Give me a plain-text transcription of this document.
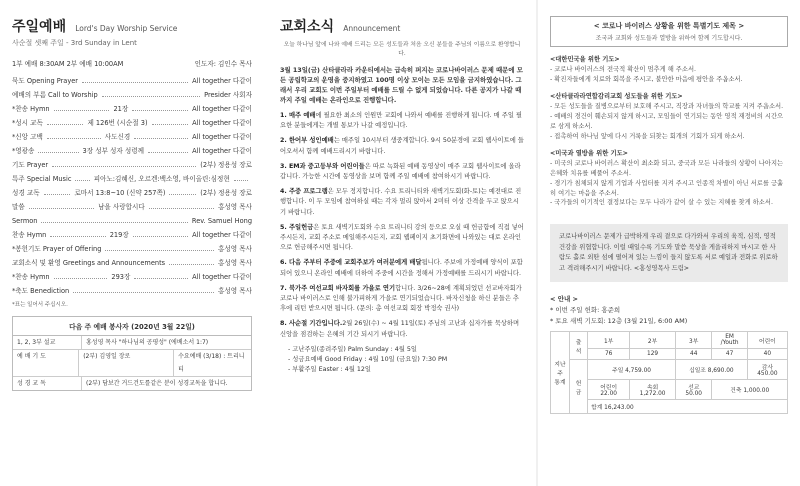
주일예배 Lord's Day Worship Service
사순절 셋째 주일 - 3rd Sunday in Lent
1부 예배 8:30AM 2부 예배 10:00AM	인도자: 김인수 목사
묵도 Opening Prayer	All together 다같이
예배의 부름 Call to Worship	Presider 사회자
*찬송 Hymn	21장	All together 다같이
*성시 교독	제 126번 (시순절 3)	All together 다같이
*신앙 고백	사도신경	All together 다같이
*영광송	3장 성부 성자 성령께	All together 다같이
기도 Prayer	(2부) 정용성 장로
특주 Special Music	피아노:김혜신, 오르겐:백소영, 바이올린:심정현
성경 교독	로마서 13:8~10 (신약 257쪽)	(2부) 정용성 장로
말씀	남을 사랑합시다	홍성영 목사
Sermon	Rev. Samuel Hong
찬송 Hymn	219장	All together 다같이
*봉헌기도 Prayer of Offering	홍성영 목사
교회소식 및 환영 Greetings and Announcements	홍성영 목사
*찬송 Hymn	293장	All together 다같이
*축도 Benediction	홍성영 목사
*표는 일어서 주십시오.
다음 주 예배 봉사자 (2020년 3월 22일)
1, 2, 3부 설교	홍성영 목사 "하나님의 공평성" (에베소서 1:7)
예 배 기 도	(2부) 김영일 장로	수요예배 (3/18) : 트리니티
성 경 교 독	(2부) 담보간 거드건도를같은 분이 성경교독을 합니다.
교회소식 Announcement
오늘 하나님 앞에 나와 예배 드리는 모든 성도들과 처음 오신 분들을 주님의 이름으로 환영합니다.
3월 13일(금) 산타클라라 카운티에서는 급속히 퍼지는 코로나바이러스 문제 때문에 모든 공립학교의 운영을 중지하였고 100명 이상 모이는 모든 모임을 금지하였습니다. 그래서 우리 교회도 이번 주일부터 예배를 드릴 수 없게 되었습니다. 다른 공지가 나갈 때까지 주일 예배는 온라인으로 진행합니다.
1. 매주 예배에 필요한 최소의 인원만 교회에 나와서 예배를 진행하게 됩니다. 매 주일 필요한 분들에게는 개별 통보가 나갈 예정입니다.
2. 한어부 성인예배는 매주일 10시부터 생중계합니다. 9시 50분경에 교회 웹사이트에 들어오셔서 함께 예배드리시기 바랍니다.
3. EM과 중고등부와 어린이들은 따로 녹화된 예배 동영상이 매주 교회 웹사이트에 올라갑니다. 가능한 시간에 동영상을 보며 함께 주일 예배에 참여하시기 바랍니다.
4. 주중 프로그램은 모두 정지합니다. 수요 트리니티와 새벽기도회(화-토)는 예전대로 진행합니다. 이 두 모임에 참여하실 때는 각자 멀리 앉아서 2미터 이상 간격을 두고 앉으시기 바랍니다.
5. 주일헌금은 토요 새벽기도회와 수요 트리니티 강의 등으로 오실 때 헌금함에 직접 넣어 주시든지, 교회 주소로 메일해주시든지, 교회 웹페이지 초기화면에 나와있는 대로 온라인으로 헌금해주시면 됩니다.
6. 다음 주부터 주중에 교회주보가 여러분에게 배달됩니다. 주보에 가정예배 양식이 포함되어 있으니 온라인 예배에 더하여 주중에 시간을 정해서 가정예배를 드리시기 바랍니다.
7. 북가주 여선교회 바자회를 가을로 연기합니다. 3/26~28에 계획되었던 선교바자회가 코로나 바이러스로 인해 불가피하게 가을로 연기되었습니다. 바자신청을 하신 분들은 추후에 리턴 받으시면 됩니다. (문의: 총 여선교회 회장 박정숙 권사)
8. 사순절 기간입니다.2월 26일(수) ~ 4월 11일(토) 주님의 고난과 십자가를 묵상하며 신앙을 점검하는 은혜의 기간 되시기 바랍니다.
- 고난주일(종려주일) Palm Sunday : 4월 5일
- 성금요예배 Good Friday : 4월 10일 (금요일) 7:30 PM
- 부활주일 Easter : 4월 12일
< 코로나 바이러스 상황을 위한 특별기도 제목 >
조국과 교회와 성도들과 열방을 위하여 함께 기도합시다.
<대한민국을 위한 기도>
- 코로나 바이러스의 전국적 확산이 멈추게 해 주소서.
- 확진자들에게 치료와 회복을 주시고, 불안한 마음에 평안을 주옵소서.
<산타클라라연합감리교회 성도들을 위한 기도>
- 모든 성도들을 질병으로부터 보호해 주시고, 직장과 자녀들의 학교를 지켜 주옵소서.
- 예배의 경건이 훼손되지 않게 하시고, 모임들이 연기되는 동안 영적 재정비의 시간으로 삼게 하소서.
- 접촉하여 하나님 앞에 다시 거룩을 되찾는 회개의 기회가 되게 하소서.
<미국과 열방을 위한 기도>
- 미국의 코로나 바이러스 확산이 최소화 되고, 중국과 모든 나라들의 상황이 나아지는 은혜와 치유를 베풀어 주소서.
- 경기가 침체되지 않게 기업과 사업터를 지켜 주시고 인종적 차별이 아닌 서로를 긍휼히 여기는 마음을 주소서.
- 국가들의 이기적인 결정보다는 모두 나라가 같이 살 수 있는 지혜를 찾게 하소서.
코로나바이러스 문제가 급박하게 우리 곁으로 다가와서 우리의 육적, 심적, 영적 건강을 위협합니다. 이럴 때일수록 기도와 말씀 묵상을 게을리하지 마시고 한 사람도 홀로 외딴 섬에 떨어져 있는 느낌이 들지 않도록 서로 예일과 전화로 위로하고 격려해주시기 바랍니다. <홍성영목사 드림>
< 안내 >
* 이번 주일 헌화: 홍준희
* 토요 새벽 기도회: 12층 (3월 21일, 6:00 AM)
지난 주 통계	출석	1부	2부	3부	EM /Youth	어린이
		76	129	44	47	40
	헌금	주일 4,759.00		십일조 8,690.00		감사 450.00
		어린이 22.00	속회 1,272.00	선교 50.00	건축 1,000.00	
		합계 16,243.00				
